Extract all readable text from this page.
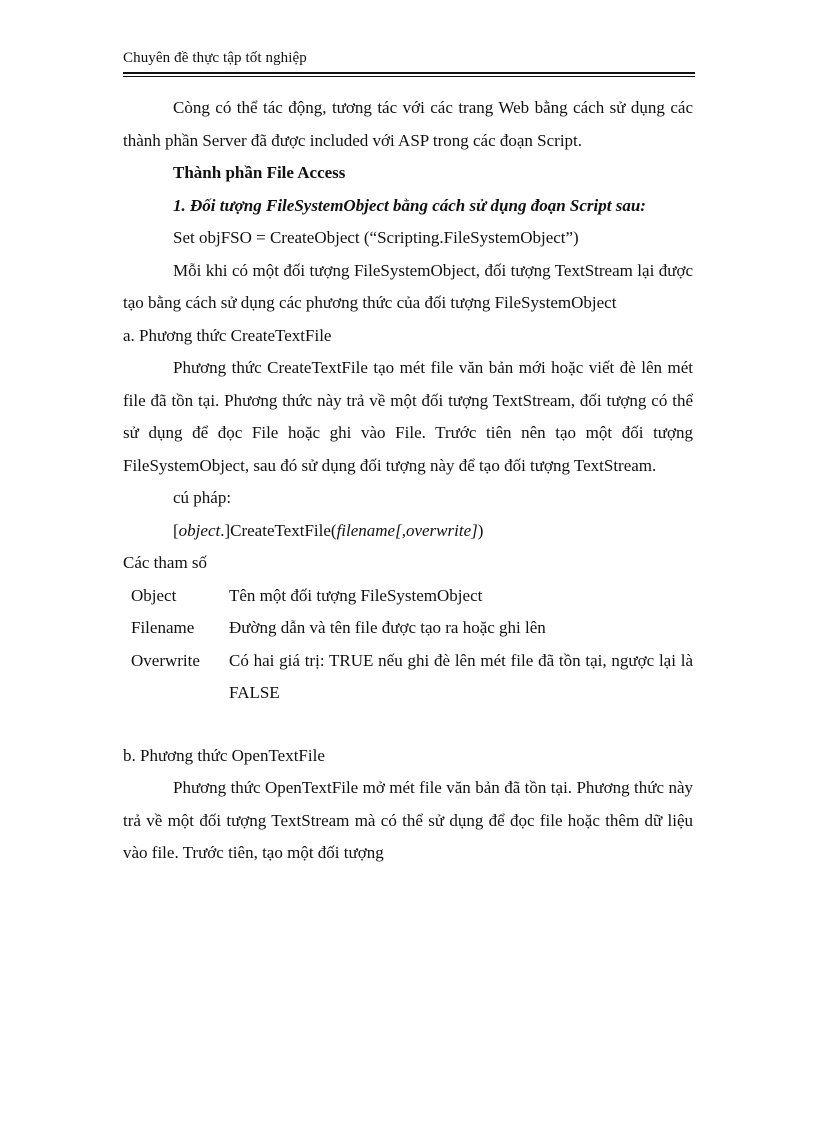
Chuyên đề thực tập tốt nghiệp

Còng có thể tác động, tương tác với các trang Web bằng cách sử dụng các thành phần Server đã được included với ASP trong các đoạn Script.

Thành phần File Access

1. Đối tượng FileSystemObject bằng cách sử dụng đoạn Script sau:

Set objFSO = CreateObject (“Scripting.FileSystemObject”)

Mỗi khi có một đối tượng FileSystemObject, đối tượng TextStream lại được tạo bằng cách sử dụng các phương thức của đối tượng FileSystemObject

a. Phương thức CreateTextFile

Phương thức CreateTextFile tạo mét file văn bản mới hoặc viết đè lên mét file đã tồn tại. Phương thức này trả về một đối tượng TextStream, đối tượng có thể sử dụng để đọc File hoặc ghi vào File. Trước tiên nên tạo một đối tượng FileSystemObject, sau đó sử dụng đối tượng này để tạo đối tượng TextStream.

cú pháp:

[object.]CreateTextFile(filename[,overwrite])

Các tham số

Object	Tên một đối tượng FileSystemObject
Filename	Đường dẫn và tên file được tạo ra hoặc ghi lên
Overwrite	Có hai giá trị: TRUE nếu ghi đè lên mét file đã tồn tại, ngược lại là FALSE

b. Phương thức OpenTextFile

Phương thức OpenTextFile mở mét file văn bản đã tồn tại. Phương thức này trả về một đối tượng TextStream mà có thể sử dụng để đọc file hoặc thêm dữ liệu vào file. Trước tiên, tạo một đối tượng
